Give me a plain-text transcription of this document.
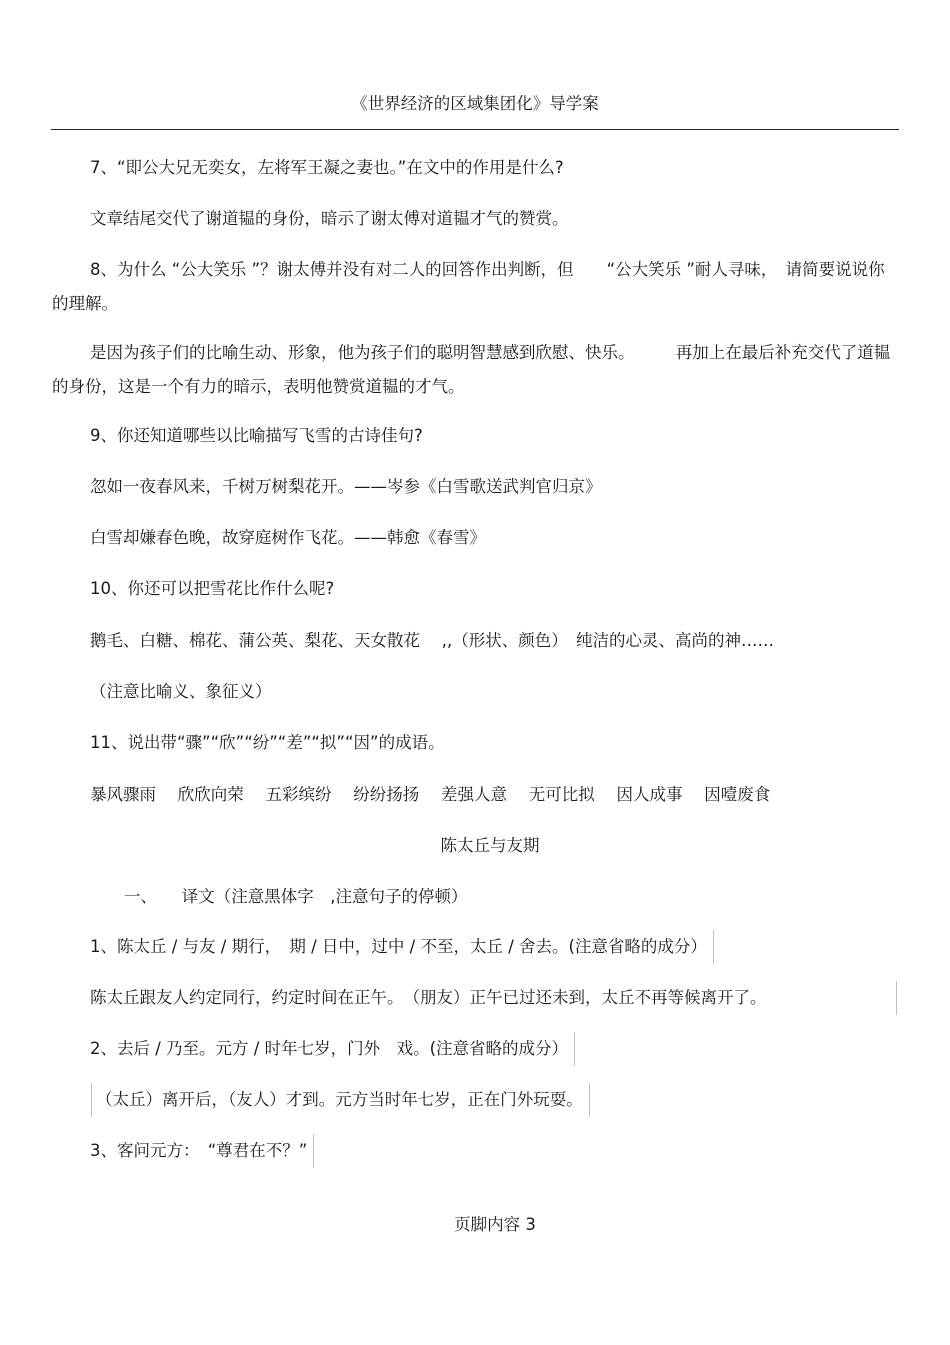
《世界经济的区域集团化》导学案
7、“即公大兄无奕女，左将军王凝之妻也。”在文中的作用是什么?
文章结尾交代了谢道韫的身份，暗示了谢太傅对道韫才气的赞赏。
8、为什么 “公大笑乐 ”？谢太傅并没有对二人的回答作出判断，但　　“公大笑乐 ”耐人寻味，　请简要说说你的理解。
是因为孩子们的比喻生动、形象，他为孩子们的聪明智慧感到欣慰、快乐。　　　再加上在最后补充交代了道韫的身份，这是一个有力的暗示，表明他赞赏道韫的才气。
9、你还知道哪些以比喻描写飞雪的古诗佳句?
忽如一夜春风来，千树万树梨花开。——岑参《白雪歌送武判官归京》
白雪却嫌春色晚，故穿庭树作飞花。——韩愈《春雪》
10、你还可以把雪花比作什么呢?
鹅毛、白糖、棉花、蒲公英、梨花、天女散花　 ,,（形状、颜色）　纯洁的心灵、高尚的神……
（注意比喻义、象征义）
11、说出带“骤”“欣”“纷”“差”“拟”“因”的成语。
暴风骤雨　 欣欣向荣　 五彩缤纷　 纷纷扬扬　 差强人意　 无可比拟　 因人成事　 因噎废食
陈太丘与友期
一、　　译文（注意黑体字　,注意句子的停顿）
1、陈太丘 / 与友 / 期行，　期 / 日中，过中 / 不至，太丘 / 舍去。(注意省略的成分）
陈太丘跟友人约定同行，约定时间在正午。　（朋友）正午已过还未到，太丘不再等候离开了。
2、去后 / 乃至。元方 / 时年七岁，门外　戏。(注意省略的成分）
（太丘）离开后，（友人）才到。元方当时年七岁，正在门外玩耍。
3、客问元方：　“尊君在不？”
页脚内容 3
